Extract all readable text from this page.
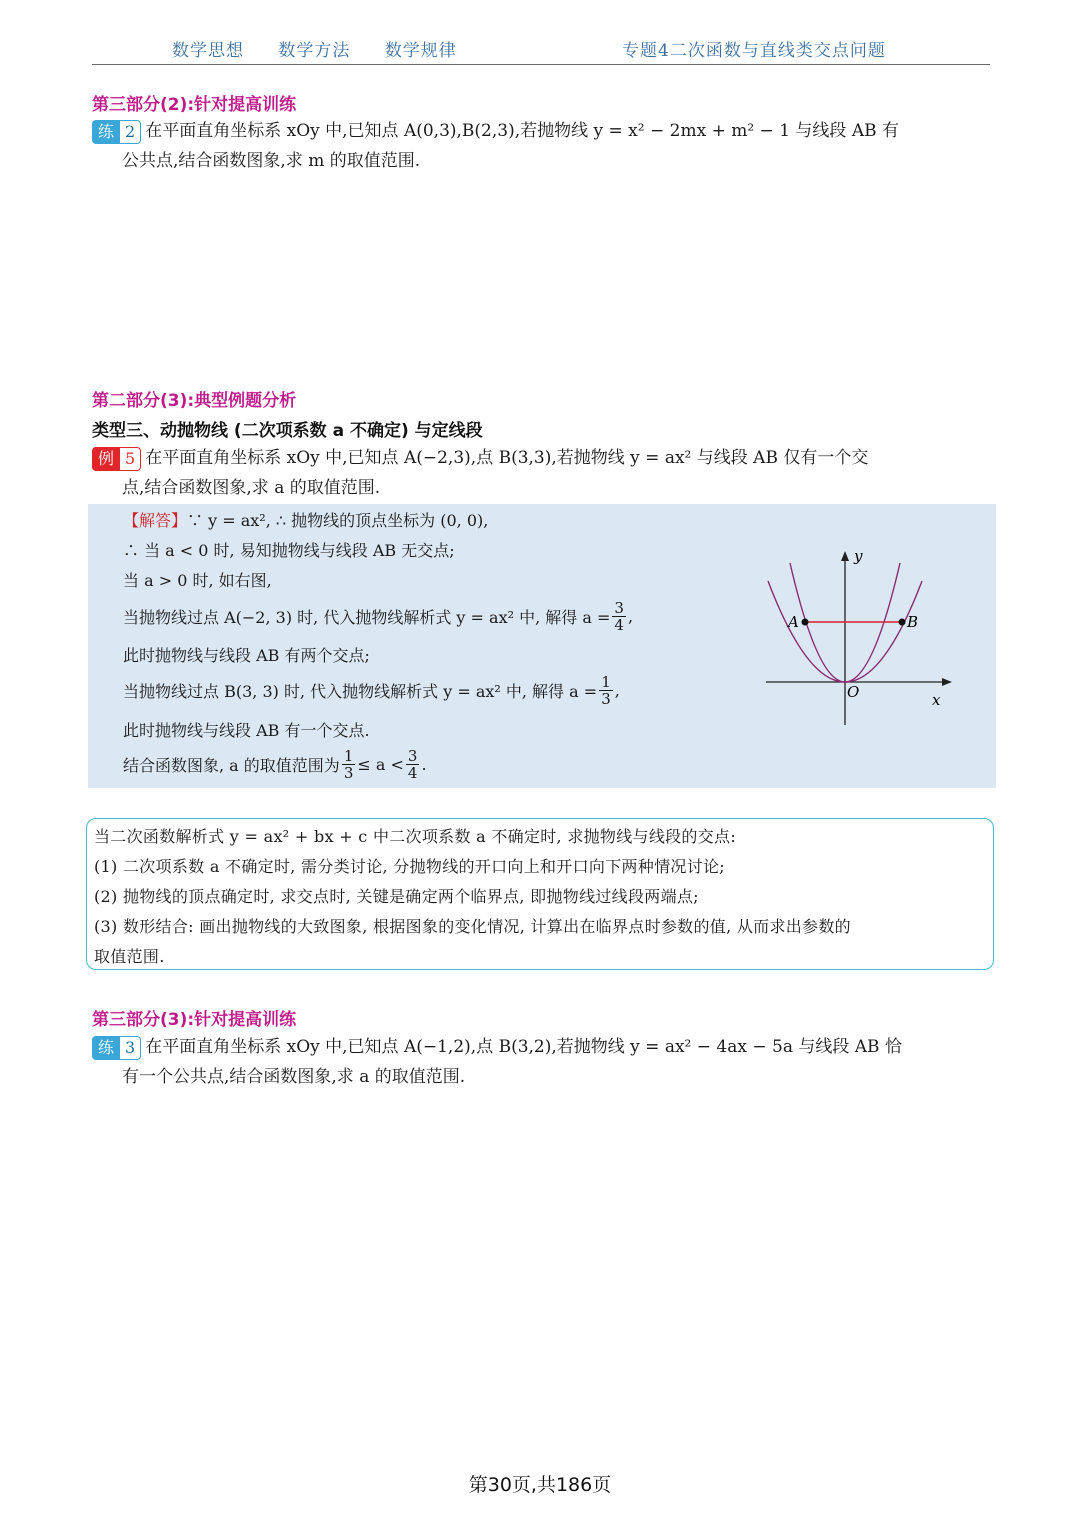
数学思想 数学方法 数学规律	专题4二次函数与直线类交点问题
第三部分(2):针对提高训练
练 2 在平面直角坐标系 xOy 中,已知点 A(0,3),B(2,3),若抛物线 y = x² − 2mx + m² − 1 与线段 AB 有
公共点,结合函数图象,求 m 的取值范围.
第二部分(3):典型例题分析
类型三、动抛物线 (二次项系数 a 不确定) 与定线段
例 5 在平面直角坐标系 xOy 中,已知点 A(−2,3),点 B(3,3),若抛物线 y = ax² 与线段 AB 仅有一个交
点,结合函数图象,求 a 的取值范围.
【解答】∵ y = ax², ∴ 抛物线的顶点坐标为 (0, 0),
∴ 当 a < 0 时, 易知抛物线与线段 AB 无交点;
当 a > 0 时, 如右图,
当抛物线过点 A(−2, 3) 时, 代入抛物线解析式 y = ax² 中, 解得 $a = \frac{3}{4}$ ,
此时抛物线与线段 AB 有两个交点;
当抛物线过点 B(3, 3) 时, 代入抛物线解析式 y = ax² 中, 解得 $a = \frac{1}{3}$ ,
此时抛物线与线段 AB 有一个交点.
结合函数图象, a 的取值范围为 $\frac{1}{3} \le a < \frac{3}{4}$ .
A	B
O
y
x
当二次函数解析式 y = ax² + bx + c 中二次项系数 a 不确定时, 求抛物线与线段的交点:
(1) 二次项系数 a 不确定时, 需分类讨论, 分抛物线的开口向上和开口向下两种情况讨论;
(2) 抛物线的顶点确定时, 求交点时, 关键是确定两个临界点, 即抛物线过线段两端点;
(3) 数形结合: 画出抛物线的大致图象, 根据图象的变化情况, 计算出在临界点时参数的值, 从而求出参数的
取值范围.
第三部分(3):针对提高训练
练 3 在平面直角坐标系 xOy 中,已知点 A(−1,2),点 B(3,2),若抛物线 y = ax² − 4ax − 5a 与线段 AB 恰
有一个公共点,结合函数图象,求 a 的取值范围.
第30页,共186页
